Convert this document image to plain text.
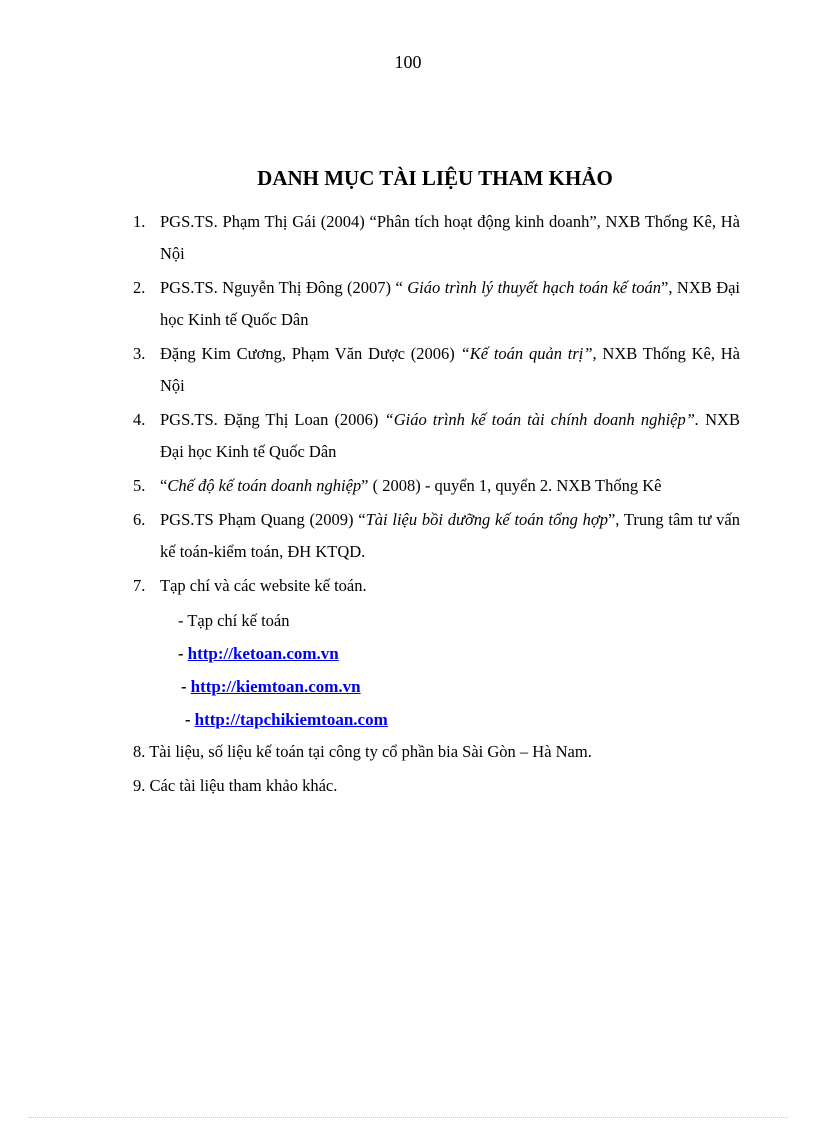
100
DANH MỤC TÀI LIỆU THAM KHẢO
1. PGS.TS. Phạm Thị Gái (2004) “Phân tích hoạt động kinh doanh”, NXB Thống Kê, Hà Nội
2. PGS.TS. Nguyễn Thị Đông (2007) “ Giáo trình lý thuyết hạch toán kế toán”, NXB Đại học Kinh tế Quốc Dân
3. Đặng Kim Cương, Phạm Văn Dược (2006) “Kế toán quản trị”, NXB Thống Kê, Hà Nội
4. PGS.TS. Đặng Thị Loan (2006) “Giáo trình kế toán tài chính doanh nghiệp”. NXB Đại học Kinh tế Quốc Dân
5. “Chế độ kế toán doanh nghiệp” ( 2008) - quyển 1, quyển 2. NXB Thống Kê
6. PGS.TS Phạm Quang (2009) “Tài liệu bồi dưỡng kế toán tổng hợp”, Trung tâm tư vấn kế toán-kiểm toán, ĐH KTQD.
7. Tạp chí và các website kế toán.
- Tạp chí kế toán
- http://ketoan.com.vn
- http://kiemtoan.com.vn
- http://tapchikiemtoan.com
8. Tài liệu, số liệu kế toán tại công ty cổ phần bia Sài Gòn – Hà Nam.
9. Các tài liệu tham khảo khác.
